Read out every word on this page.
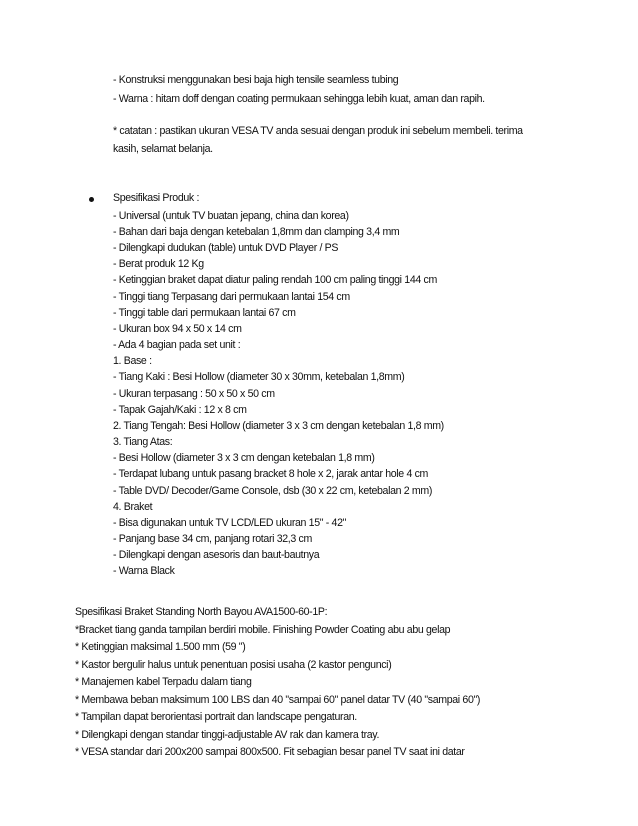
- Konstruksi menggunakan besi baja high tensile seamless tubing
- Warna : hitam doff dengan coating permukaan sehingga lebih kuat, aman dan rapih.
* catatan : pastikan ukuran VESA TV anda sesuai dengan produk ini sebelum membeli. terima
kasih, selamat belanja.
Spesifikasi Produk :
- Universal (untuk TV buatan jepang, china dan korea)
- Bahan dari baja dengan ketebalan 1,8mm dan clamping 3,4 mm
- Dilengkapi dudukan (table) untuk DVD Player / PS
- Berat produk 12 Kg
- Ketinggian braket dapat diatur paling rendah 100 cm paling tinggi 144 cm
- Tinggi tiang Terpasang dari permukaan lantai 154 cm
- Tinggi table dari permukaan lantai 67 cm
- Ukuran box 94 x 50 x 14 cm
- Ada 4 bagian pada set unit :
1. Base :
- Tiang Kaki : Besi Hollow (diameter 30 x 30mm, ketebalan 1,8mm)
- Ukuran terpasang : 50 x 50 x 50 cm
- Tapak Gajah/Kaki : 12 x 8 cm
2. Tiang Tengah: Besi Hollow (diameter 3 x 3 cm dengan ketebalan 1,8 mm)
3. Tiang Atas:
- Besi Hollow (diameter 3 x 3 cm dengan ketebalan 1,8 mm)
- Terdapat lubang untuk pasang bracket 8 hole x 2, jarak antar hole 4 cm
- Table DVD/ Decoder/Game Console, dsb (30 x 22 cm, ketebalan 2 mm)
4. Braket
- Bisa digunakan untuk TV LCD/LED ukuran 15" - 42"
- Panjang base 34 cm, panjang rotari 32,3 cm
- Dilengkapi dengan asesoris dan baut-bautnya
- Warna Black
Spesifikasi Braket Standing North Bayou AVA1500-60-1P:
*Bracket tiang ganda tampilan berdiri mobile. Finishing Powder Coating abu abu gelap
* Ketinggian maksimal 1.500 mm (59 ")
* Kastor bergulir halus untuk penentuan posisi usaha (2 kastor pengunci)
* Manajemen kabel Terpadu dalam tiang
* Membawa beban maksimum 100 LBS dan 40 "sampai 60" panel datar TV (40 "sampai 60")
* Tampilan dapat berorientasi portrait dan landscape pengaturan.
* Dilengkapi dengan standar tinggi-adjustable AV rak dan kamera tray.
* VESA standar dari 200x200 sampai 800x500. Fit sebagian besar panel TV saat ini datar
